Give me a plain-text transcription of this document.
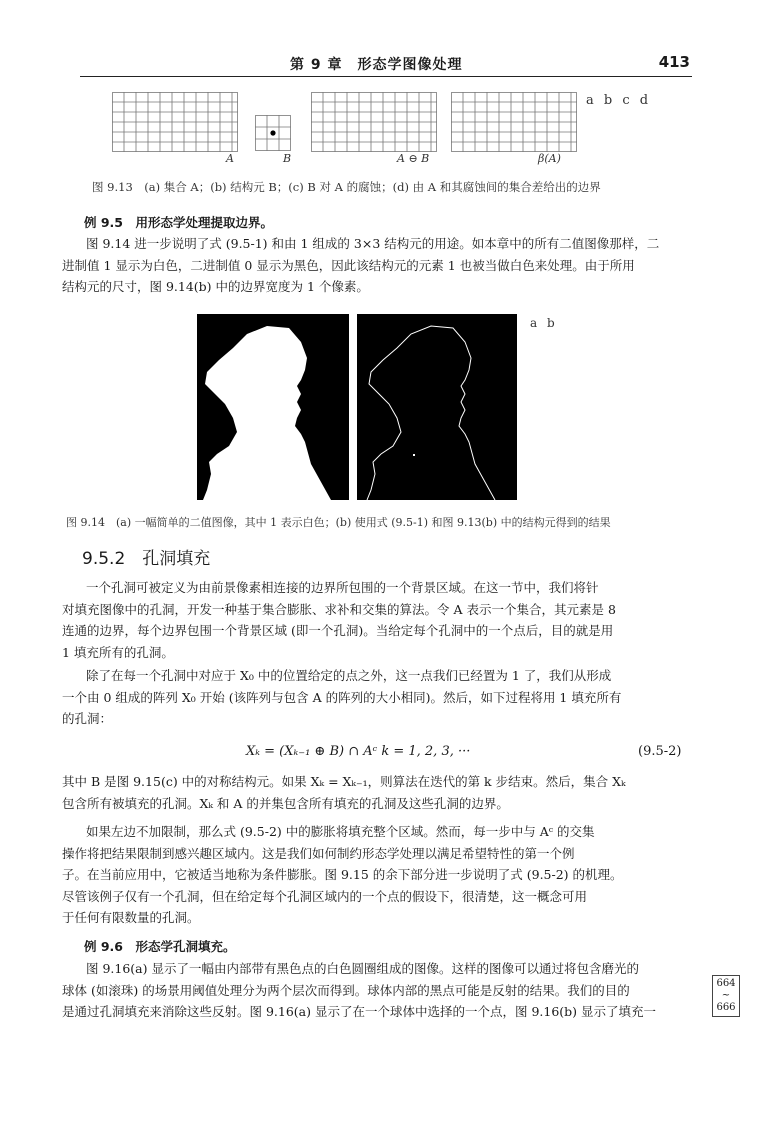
第 9 章　形态学图像处理	413
a b c d
A	B	A ⊖ B	β(A)
图 9.13　(a) 集合 A；(b) 结构元 B；(c) B 对 A 的腐蚀；(d) 由 A 和其腐蚀间的集合差给出的边界
例 9.5　用形态学处理提取边界。
图 9.14 进一步说明了式 (9.5-1) 和由 1 组成的 3×3 结构元的用途。如本章中的所有二值图像那样，二
进制值 1 显示为白色，二进制值 0 显示为黑色，因此该结构元的元素 1 也被当做白色来处理。由于所用
结构元的尺寸，图 9.14(b) 中的边界宽度为 1 个像素。
a b
图 9.14　(a) 一幅简单的二值图像，其中 1 表示白色；(b) 使用式 (9.5-1) 和图 9.13(b) 中的结构元得到的结果
9.5.2　孔洞填充
一个孔洞可被定义为由前景像素相连接的边界所包围的一个背景区域。在这一节中，我们将针
对填充图像中的孔洞，开发一种基于集合膨胀、求补和交集的算法。令 A 表示一个集合，其元素是 8
连通的边界，每个边界包围一个背景区域 (即一个孔洞)。当给定每个孔洞中的一个点后，目的就是用
1 填充所有的孔洞。
除了在每一个孔洞中对应于 X₀ 中的位置给定的点之外，这一点我们已经置为 1 了，我们从形成
一个由 0 组成的阵列 X₀ 开始 (该阵列与包含 A 的阵列的大小相同)。然后，如下过程将用 1 填充所有
的孔洞：
Xₖ = (Xₖ₋₁ ⊕ B) ∩ Aᶜ k = 1, 2, 3, ···	(9.5-2)
其中 B 是图 9.15(c) 中的对称结构元。如果 Xₖ = Xₖ₋₁，则算法在迭代的第 k 步结束。然后，集合 Xₖ
包含所有被填充的孔洞。Xₖ 和 A 的并集包含所有填充的孔洞及这些孔洞的边界。
如果左边不加限制，那么式 (9.5-2) 中的膨胀将填充整个区域。然而，每一步中与 Aᶜ 的交集
操作将把结果限制到感兴趣区域内。这是我们如何制约形态学处理以满足希望特性的第一个例
子。在当前应用中，它被适当地称为条件膨胀。图 9.15 的余下部分进一步说明了式 (9.5-2) 的机理。
尽管该例子仅有一个孔洞，但在给定每个孔洞区域内的一个点的假设下，很清楚，这一概念可用
于任何有限数量的孔洞。
例 9.6　形态学孔洞填充。
图 9.16(a) 显示了一幅由内部带有黑色点的白色圆圈组成的图像。这样的图像可以通过将包含磨光的
球体 (如滚珠) 的场景用阈值处理分为两个层次而得到。球体内部的黑点可能是反射的结果。我们的目的
是通过孔洞填充来消除这些反射。图 9.16(a) 显示了在一个球体中选择的一个点，图 9.16(b) 显示了填充一
664
~
666
